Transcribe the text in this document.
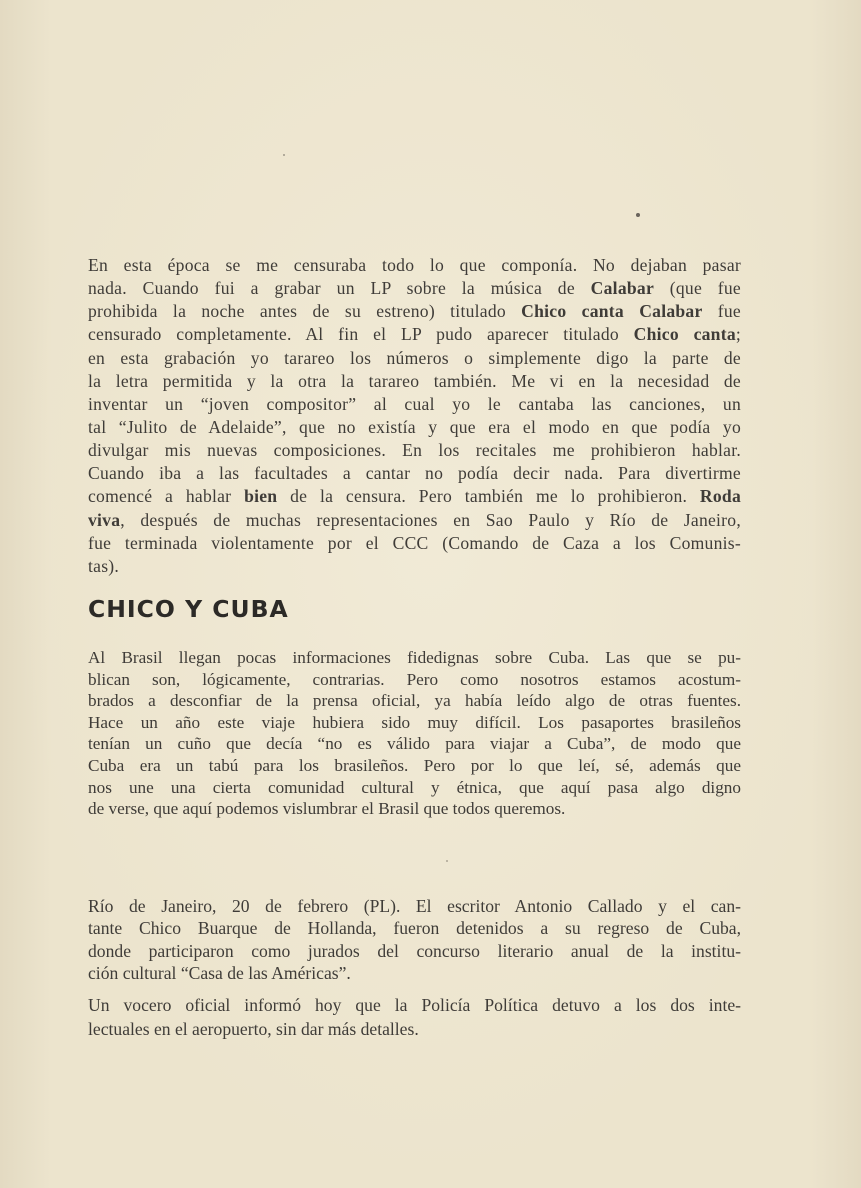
En esta época se me censuraba todo lo que componía. No dejaban pasar
nada. Cuando fui a grabar un LP sobre la música de Calabar (que fue
prohibida la noche antes de su estreno) titulado Chico canta Calabar fue
censurado completamente. Al fin el LP pudo aparecer titulado Chico canta;
en esta grabación yo tarareo los números o simplemente digo la parte de
la letra permitida y la otra la tarareo también. Me vi en la necesidad de
inventar un “joven compositor” al cual yo le cantaba las canciones, un
tal “Julito de Adelaide”, que no existía y que era el modo en que podía yo
divulgar mis nuevas composiciones. En los recitales me prohibieron hablar.
Cuando iba a las facultades a cantar no podía decir nada. Para divertirme
comencé a hablar bien de la censura. Pero también me lo prohibieron. Roda
viva, después de muchas representaciones en Sao Paulo y Río de Janeiro,
fue terminada violentamente por el CCC (Comando de Caza a los Comunis-
tas).
CHICO Y CUBA
Al Brasil llegan pocas informaciones fidedignas sobre Cuba. Las que se pu-
blican son, lógicamente, contrarias. Pero como nosotros estamos acostum-
brados a desconfiar de la prensa oficial, ya había leído algo de otras fuentes.
Hace un año este viaje hubiera sido muy difícil. Los pasaportes brasileños
tenían un cuño que decía “no es válido para viajar a Cuba”, de modo que
Cuba era un tabú para los brasileños. Pero por lo que leí, sé, además que
nos une una cierta comunidad cultural y étnica, que aquí pasa algo digno
de verse, que aquí podemos vislumbrar el Brasil que todos queremos.
Río de Janeiro, 20 de febrero (PL). El escritor Antonio Callado y el can-
tante Chico Buarque de Hollanda, fueron detenidos a su regreso de Cuba,
donde participaron como jurados del concurso literario anual de la institu-
ción cultural “Casa de las Américas”.
Un vocero oficial informó hoy que la Policía Política detuvo a los dos inte-
lectuales en el aeropuerto, sin dar más detalles.
